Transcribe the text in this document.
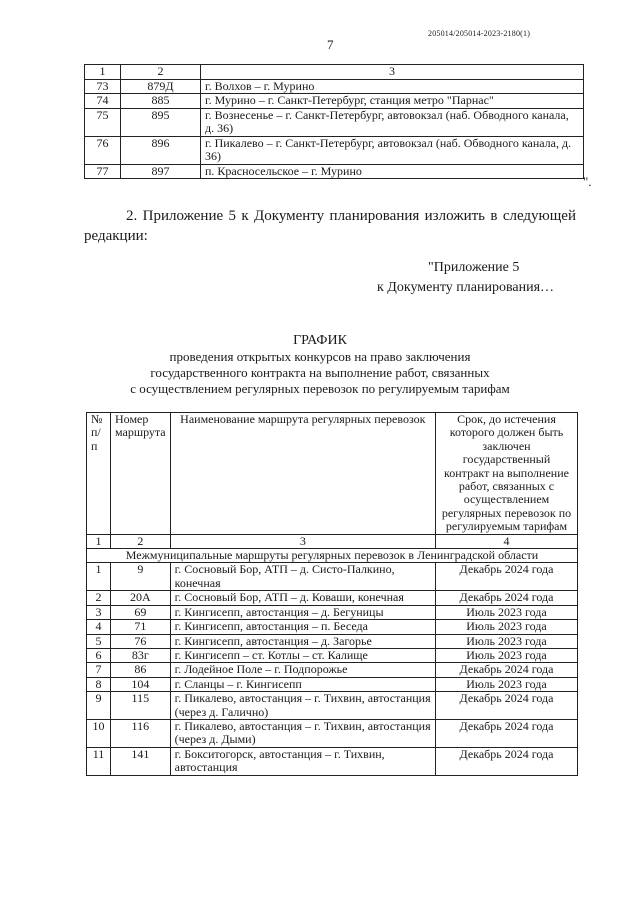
205014/205014-2023-2180(1)
7
1	2	3
73	879Д	г. Волхов – г. Мурино
74	885	г. Мурино – г. Санкт-Петербург, станция метро "Парнас"
75	895	г. Вознесенье – г. Санкт-Петербург, автовокзал (наб. Обводного канала, д. 36)
76	896	г. Пикалево – г. Санкт-Петербург, автовокзал (наб. Обводного канала, д. 36)
77	897	п. Красносельское – г. Мурино
".
2. Приложение 5 к Документу планирования изложить в следующей редакции:
"Приложение 5
к Документу планирования…
ГРАФИК
проведения открытых конкурсов на право заключения
государственного контракта на выполнение работ, связанных
с осуществлением регулярных перевозок по регулируемым тарифам
№ п/п	Номер маршрута	Наименование маршрута регулярных перевозок	Срок, до истечения которого должен быть заключен государственный контракт на выполнение работ, связанных с осуществлением регулярных перевозок по регулируемым тарифам
1	2	3	4
Межмуниципальные маршруты регулярных перевозок в Ленинградской области			
1	9	г. Сосновый Бор, АТП – д. Систо-Палкино, конечная	Декабрь 2024 года
2	20А	г. Сосновый Бор, АТП – д. Коваши, конечная	Декабрь 2024 года
3	69	г. Кингисепп, автостанция – д. Бегуницы	Июль 2023 года
4	71	г. Кингисепп, автостанция – п. Беседа	Июль 2023 года
5	76	г. Кингисепп, автостанция – д. Загорье	Июль 2023 года
6	83г	г. Кингисепп – ст. Котлы – ст. Калище	Июль 2023 года
7	86	г. Лодейное Поле – г. Подпорожье	Декабрь 2024 года
8	104	г. Сланцы – г. Кингисепп	Июль 2023 года
9	115	г. Пикалево, автостанция – г. Тихвин, автостанция (через д. Галично)	Декабрь 2024 года
10	116	г. Пикалево, автостанция – г. Тихвин, автостанция (через д. Дыми)	Декабрь 2024 года
11	141	г. Бокситогорск, автостанция – г. Тихвин, автостанция	Декабрь 2024 года
